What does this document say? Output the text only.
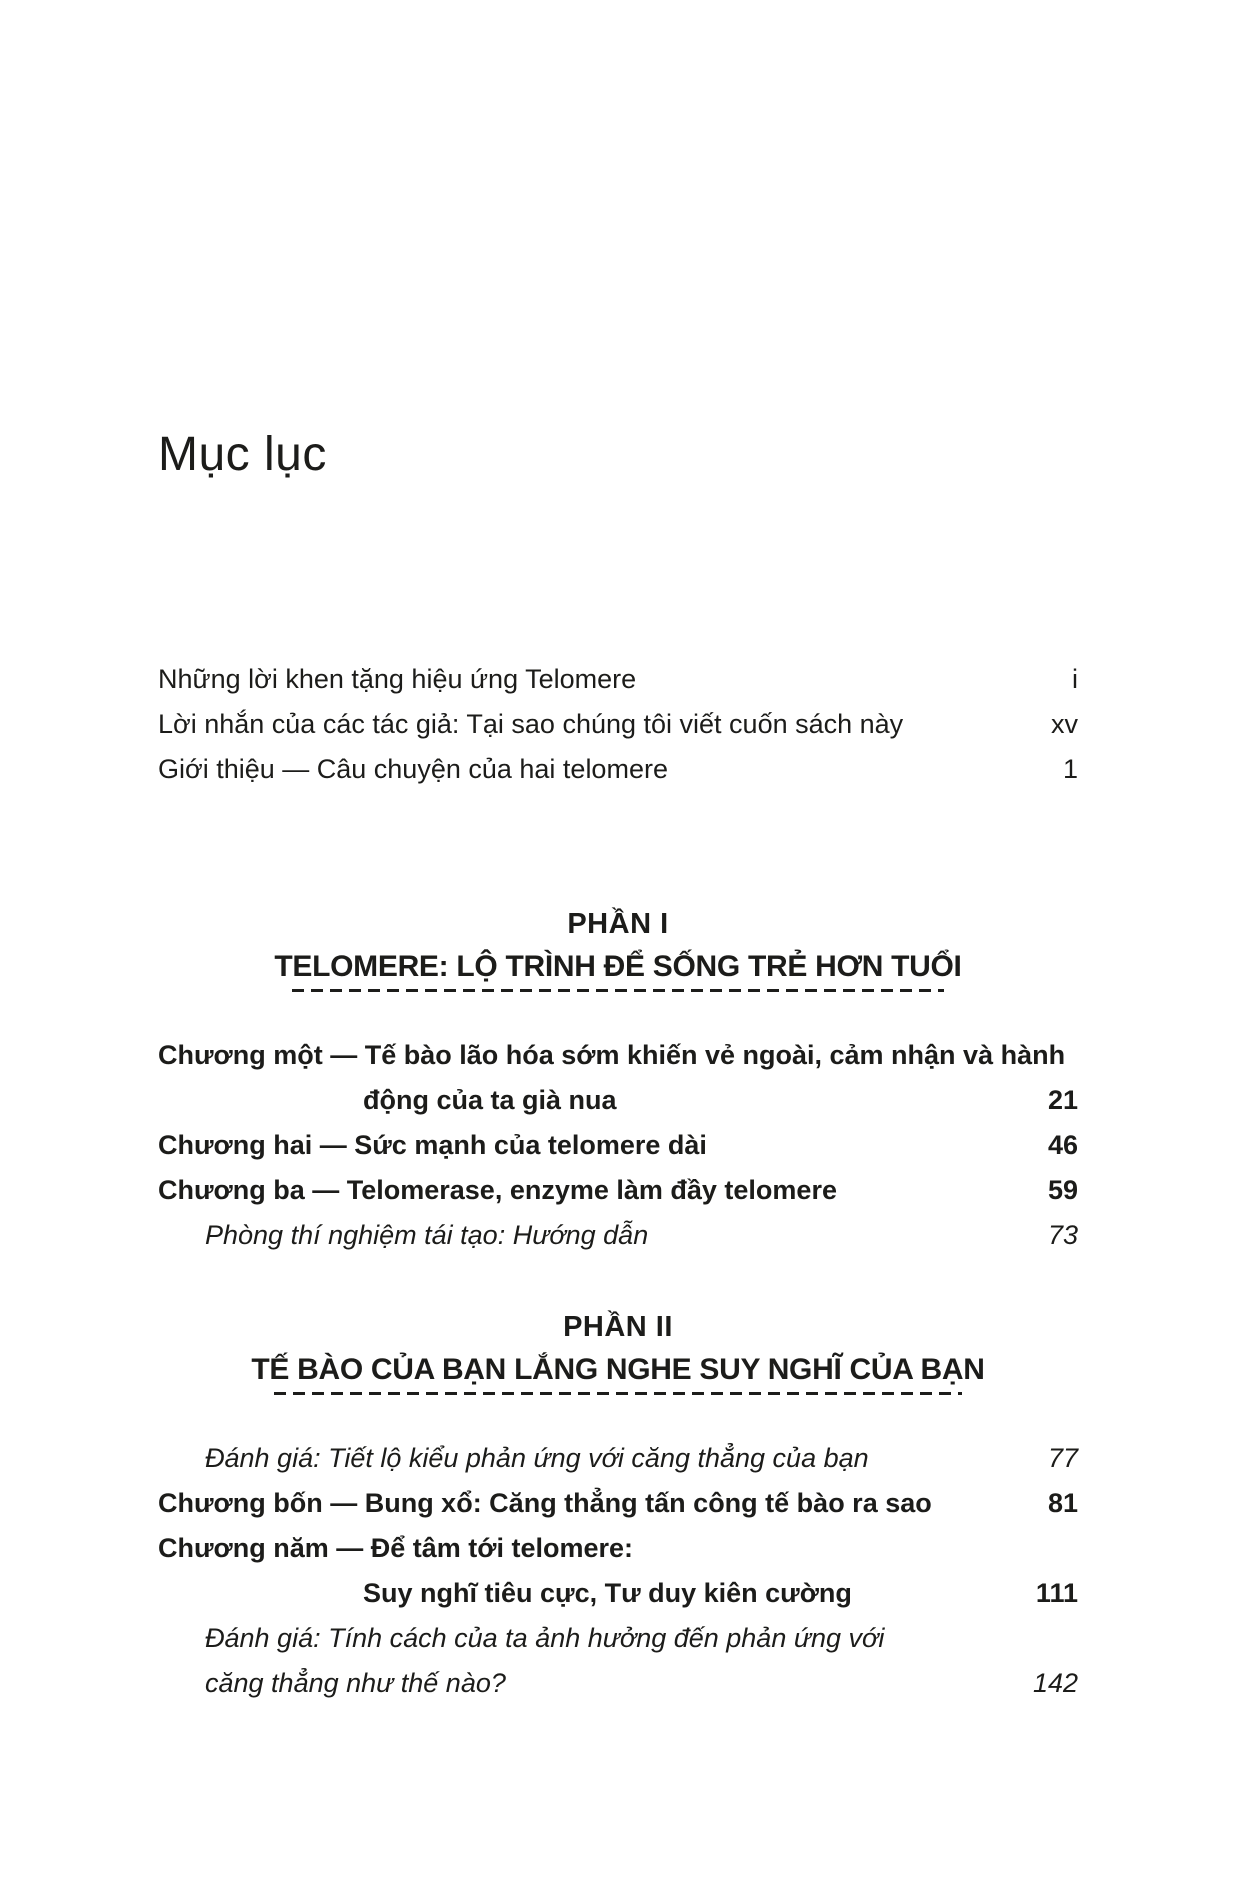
Mục lục
Những lời khen tặng hiệu ứng Telomere	i
Lời nhắn của các tác giả: Tại sao chúng tôi viết cuốn sách này	xv
Giới thiệu — Câu chuyện của hai telomere	1
PHẦN I
TELOMERE: LỘ TRÌNH ĐỂ SỐNG TRẺ HƠN TUỔI
Chương một — Tế bào lão hóa sớm khiến vẻ ngoài, cảm nhận và hành
động của ta già nua	21
Chương hai — Sức mạnh của telomere dài	46
Chương ba — Telomerase, enzyme làm đầy telomere	59
Phòng thí nghiệm tái tạo: Hướng dẫn	73
PHẦN II
TẾ BÀO CỦA BẠN LẮNG NGHE SUY NGHĨ CỦA BẠN
Đánh giá: Tiết lộ kiểu phản ứng với căng thẳng của bạn	77
Chương bốn — Bung xổ: Căng thẳng tấn công tế bào ra sao	81
Chương năm — Để tâm tới telomere:
Suy nghĩ tiêu cực, Tư duy kiên cường	111
Đánh giá: Tính cách của ta ảnh hưởng đến phản ứng với
căng thẳng như thế nào?	142
